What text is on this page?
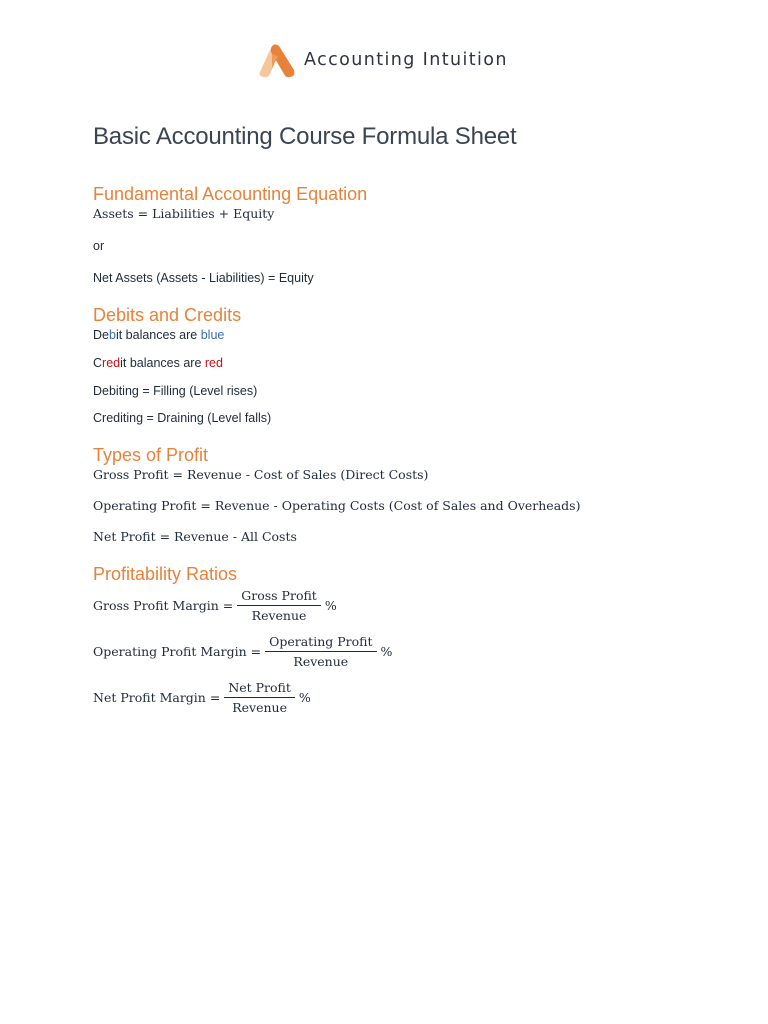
Accounting Intuition
Basic Accounting Course Formula Sheet
Fundamental Accounting Equation

Assets = Liabilities + Equity

or

Net Assets (Assets - Liabilities) = Equity

Debits and Credits

Debit balances are blue

Credit balances are red

Debiting = Filling (Level rises)

Crediting = Draining (Level falls)

Types of Profit

Gross Profit = Revenue - Cost of Sales (Direct Costs)

Operating Profit = Revenue - Operating Costs (Cost of Sales and Overheads)

Net Profit = Revenue - All Costs

Profitability Ratios
Gross Profit Margin = $\frac{\text{Gross Profit}}{\text{Revenue}}$ %
Operating Profit Margin = $\frac{\text{Operating Profit}}{\text{Revenue}}$ %
Net Profit Margin = $\frac{\text{Net Profit}}{\text{Revenue}}$ %
